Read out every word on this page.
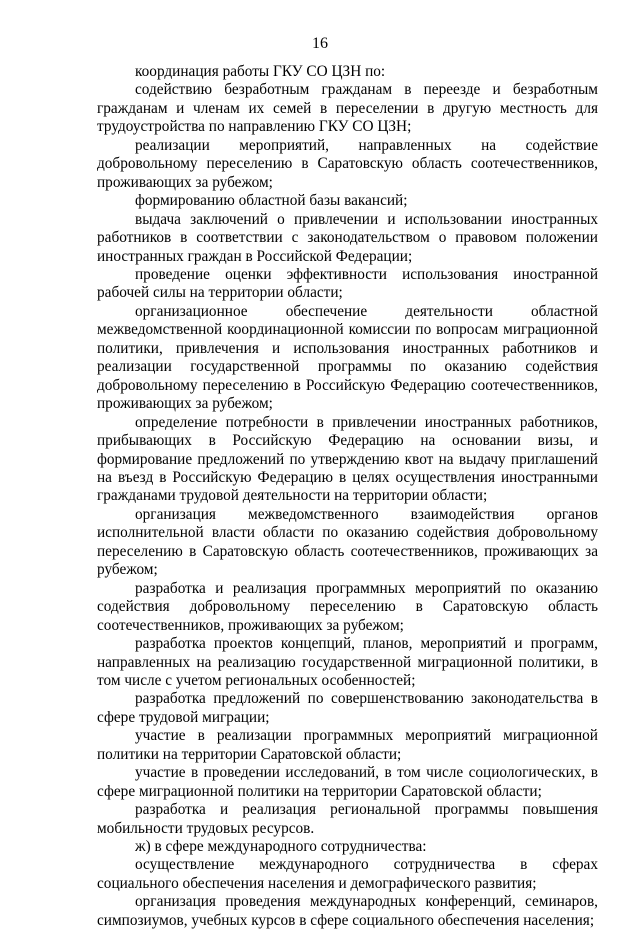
16

координация работы ГКУ СО ЦЗН по:

содействию безработным гражданам в переезде и безработным гражданам и членам их семей в переселении в другую местность для трудоустройства по направлению ГКУ СО ЦЗН;

реализации мероприятий, направленных на содействие добровольному переселению в Саратовскую область соотечественников, проживающих за рубежом;

формированию областной базы вакансий;

выдача заключений о привлечении и использовании иностранных работников в соответствии с законодательством о правовом положении иностранных граждан в Российской Федерации;

проведение оценки эффективности использования иностранной рабочей силы на территории области;

организационное обеспечение деятельности областной межведомственной координационной комиссии по вопросам миграционной политики, привлечения и использования иностранных работников и реализации государственной программы по оказанию содействия добровольному переселению в Российскую Федерацию соотечественников, проживающих за рубежом;

определение потребности в привлечении иностранных работников, прибывающих в Российскую Федерацию на основании визы, и формирование предложений по утверждению квот на выдачу приглашений на въезд в Российскую Федерацию в целях осуществления иностранными гражданами трудовой деятельности на территории области;

организация межведомственного взаимодействия органов исполнительной власти области по оказанию содействия добровольному переселению в Саратовскую область соотечественников, проживающих за рубежом;

разработка и реализация программных мероприятий по оказанию содействия добровольному переселению в Саратовскую область соотечественников, проживающих за рубежом;

разработка проектов концепций, планов, мероприятий и программ, направленных на реализацию государственной миграционной политики, в том числе с учетом региональных особенностей;

разработка предложений по совершенствованию законодательства в сфере трудовой миграции;

участие в реализации программных мероприятий миграционной политики на территории Саратовской области;

участие в проведении исследований, в том числе социологических, в сфере миграционной политики на территории Саратовской области;

разработка и реализация региональной программы повышения мобильности трудовых ресурсов.

ж) в сфере международного сотрудничества:

осуществление международного сотрудничества в сферах социального обеспечения населения и демографического развития;

организация проведения международных конференций, семинаров, симпозиумов, учебных курсов в сфере социального обеспечения населения;
